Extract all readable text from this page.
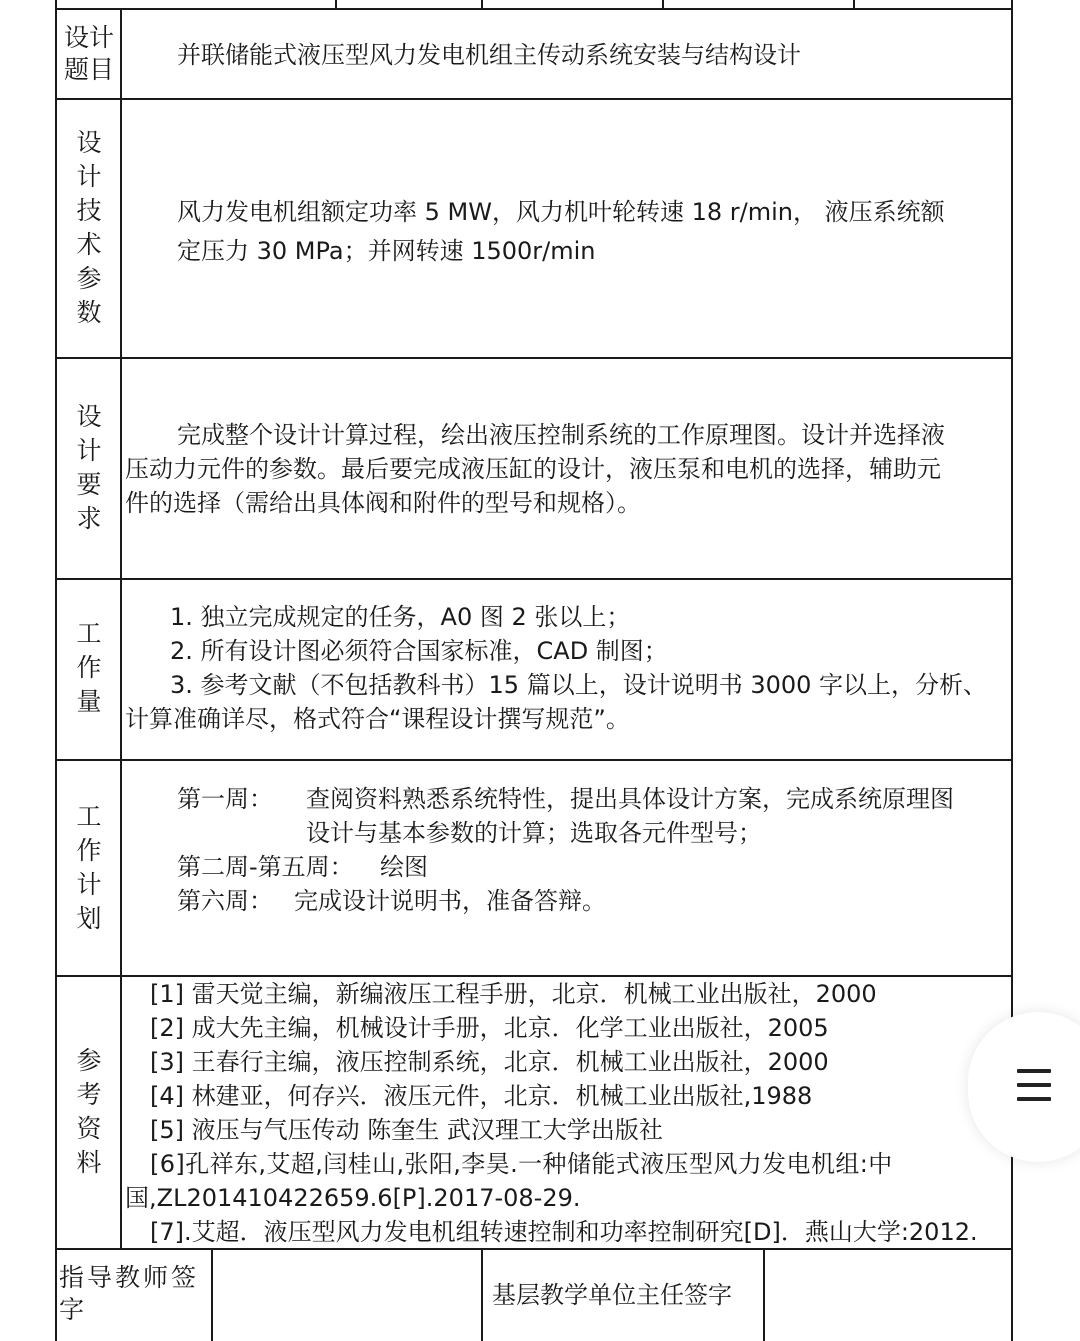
设计题目	并联储能式液压型风力发电机组主传动系统安装与结构设计
设计技术参数
风力发电机组额定功率 5 MW，风力机叶轮转速 18 r/min， 液压系统额
定压力 30 MPa；并网转速 1500r/min
设计要求
完成整个设计计算过程，绘出液压控制系统的工作原理图。设计并选择液
压动力元件的参数。最后要完成液压缸的设计，液压泵和电机的选择，辅助元
件的选择（需给出具体阀和附件的型号和规格）。
工作量
1. 独立完成规定的任务，A0 图 2 张以上；
2. 所有设计图必须符合国家标准，CAD 制图；
3. 参考文献（不包括教科书）15 篇以上，设计说明书 3000 字以上，分析、
计算准确详尽，格式符合“课程设计撰写规范”。
工作计划
第一周： 查阅资料熟悉系统特性，提出具体设计方案，完成系统原理图
设计与基本参数的计算；选取各元件型号；
第二周-第五周： 绘图
第六周： 完成设计说明书，准备答辩。
参考资料
[1] 雷天觉主编，新编液压工程手册，北京．机械工业出版社，2000
[2] 成大先主编，机械设计手册，北京．化学工业出版社，2005
[3] 王春行主编，液压控制系统，北京．机械工业出版社，2000
[4] 林建亚，何存兴．液压元件，北京．机械工业出版社,1988
[5] 液压与气压传动 陈奎生 武汉理工大学出版社
[6]孔祥东,艾超,闫桂山,张阳,李昊.一种储能式液压型风力发电机组:中
国,ZL201410422659.6[P].2017-08-29.
[7].艾超．液压型风力发电机组转速控制和功率控制研究[D]．燕山大学:2012.
指导教师签字	基层教学单位主任签字
